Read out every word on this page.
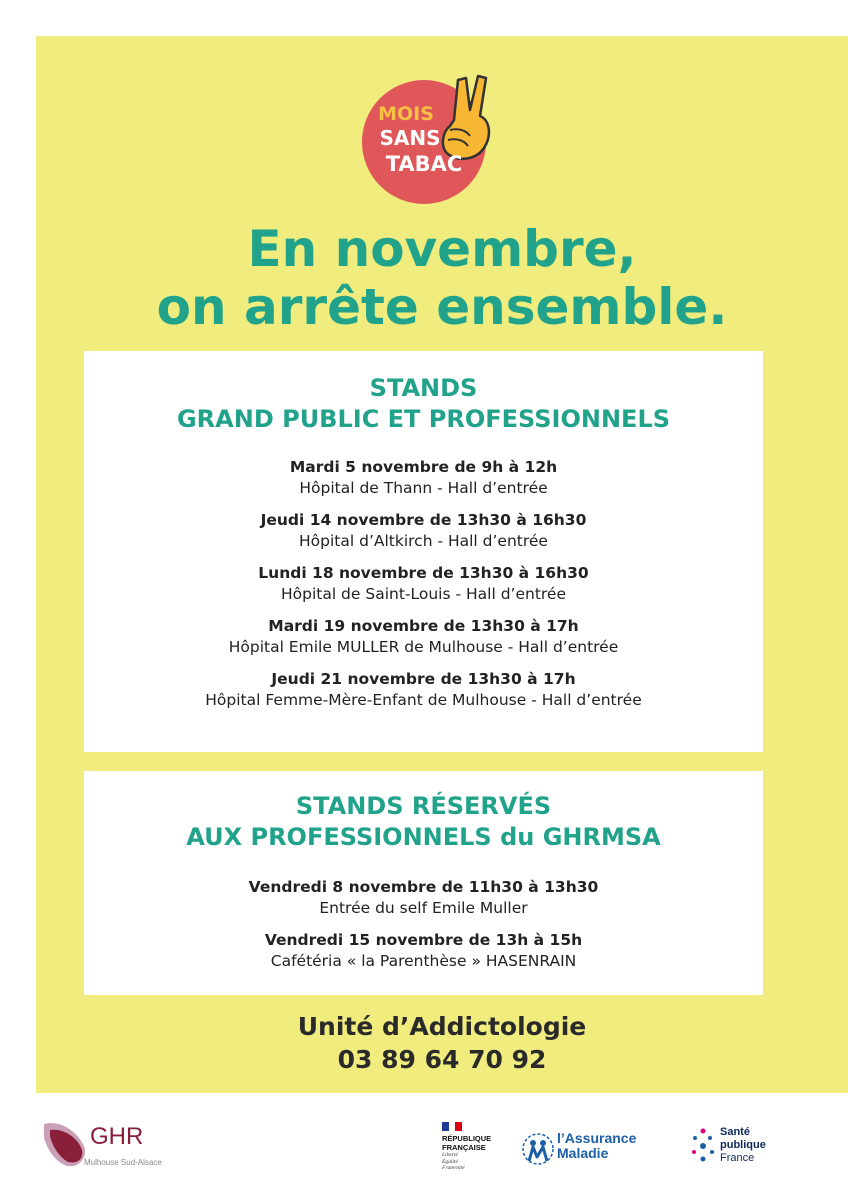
MOIS
SANS
TABAC
En novembre,
on arrête ensemble.
STANDS
GRAND PUBLIC ET PROFESSIONNELS
Mardi 5 novembre de 9h à 12h
Hôpital de Thann - Hall d’entrée
Jeudi 14 novembre de 13h30 à 16h30
Hôpital d’Altkirch - Hall d’entrée
Lundi 18 novembre de 13h30 à 16h30
Hôpital de Saint-Louis - Hall d’entrée
Mardi 19 novembre de 13h30 à 17h
Hôpital Emile MULLER de Mulhouse - Hall d’entrée
Jeudi 21 novembre de 13h30 à 17h
Hôpital Femme-Mère-Enfant de Mulhouse - Hall d’entrée
STANDS RÉSERVÉS
AUX PROFESSIONNELS du GHRMSA
Vendredi 8 novembre de 11h30 à 13h30
Entrée du self Emile Muller
Vendredi 15 novembre de 13h à 15h
Cafétéria « la Parenthèse » HASENRAIN
Unité d’Addictologie
03 89 64 70 92
GHR
Mulhouse Sud-Alsace
RÉPUBLIQUE
FRANÇAISE
Liberté
Égalité
Fraternité
l’Assurance
Maladie
Santé
publique
France
